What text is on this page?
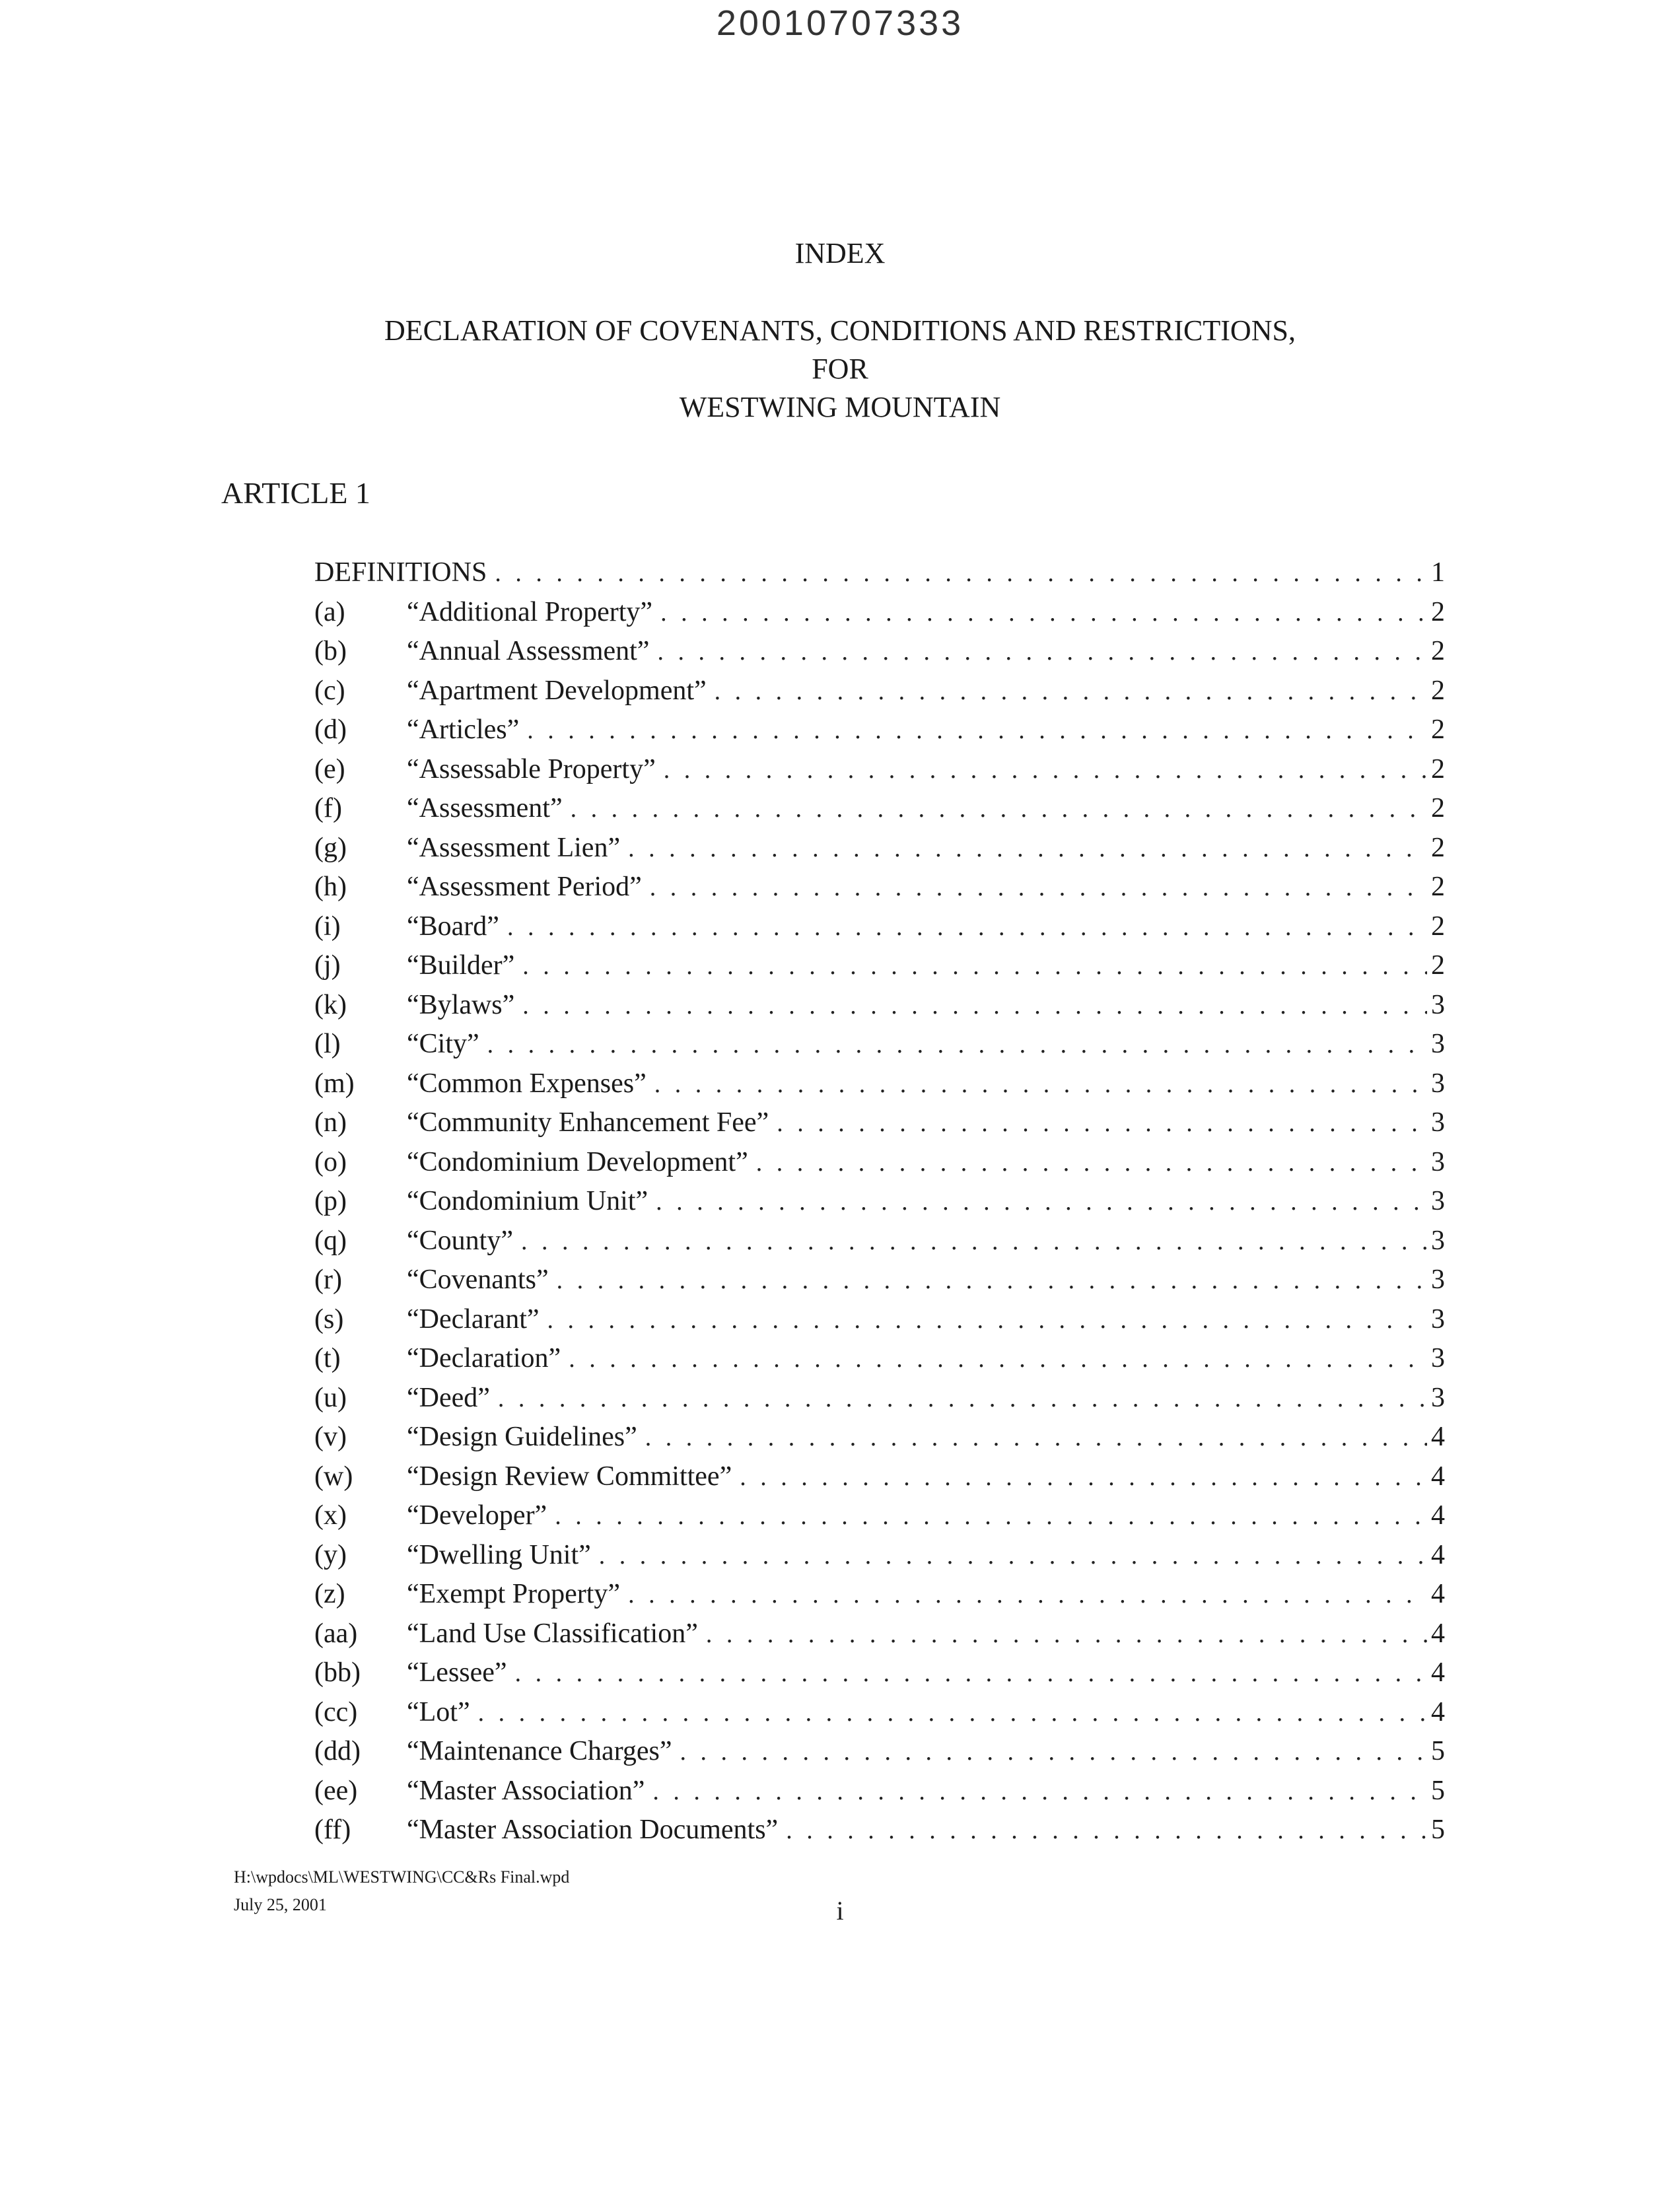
20010707333
INDEX
DECLARATION OF COVENANTS, CONDITIONS AND RESTRICTIONS,
FOR
WESTWING MOUNTAIN
ARTICLE 1
DEFINITIONS . . .	1
(a) “Additional Property” . . .	2
(b) “Annual Assessment” . . .	2
(c) “Apartment Development” . . .	2
(d) “Articles” . . .	2
(e) “Assessable Property” . . .	2
(f) “Assessment” . . .	2
(g) “Assessment Lien” . . .	2
(h) “Assessment Period” . . .	2
(i) “Board” . . .	2
(j) “Builder” . . .	2
(k) “Bylaws” . . .	3
(l) “City” . . .	3
(m) “Common Expenses” . . .	3
(n) “Community Enhancement Fee” . . .	3
(o) “Condominium Development” . . .	3
(p) “Condominium Unit” . . .	3
(q) “County” . . .	3
(r) “Covenants” . . .	3
(s) “Declarant” . . .	3
(t) “Declaration” . . .	3
(u) “Deed” . . .	3
(v) “Design Guidelines” . . .	4
(w) “Design Review Committee” . . .	4
(x) “Developer” . . .	4
(y) “Dwelling Unit” . . .	4
(z) “Exempt Property” . . .	4
(aa) “Land Use Classification” . . .	4
(bb) “Lessee” . . .	4
(cc) “Lot” . . .	4
(dd) “Maintenance Charges” . . .	5
(ee) “Master Association” . . .	5
(ff) “Master Association Documents” . . .	5
H:\wpdocs\ML\WESTWING\CC&Rs Final.wpd
July 25, 2001	i
